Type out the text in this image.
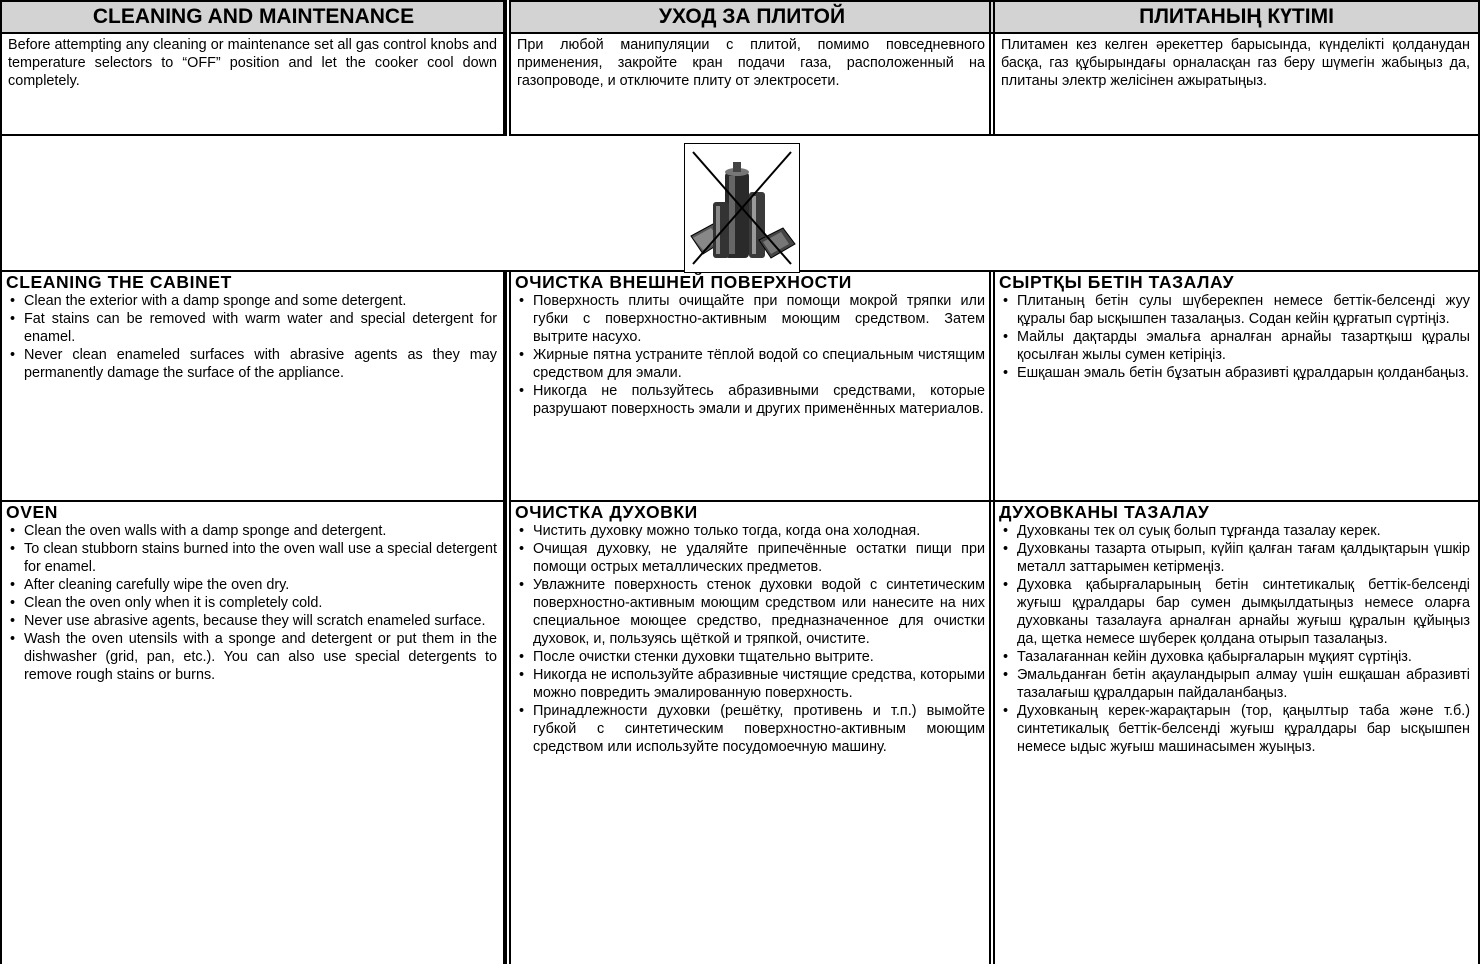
CLEANING AND MAINTENANCE	УХОД ЗА ПЛИТОЙ	ПЛИТАНЫҢ КҮТІМІ
Before attempting any cleaning or maintenance set all gas control knobs and temperature selectors to “OFF” position and let the cooker cool down completely.
При любой манипуляции с плитой, помимо повседневного применения, закройте кран подачи газа, расположенный на газопроводе, и отключите плиту от электросети.
Плитамен кез келген әрекеттер барысында, күнделікті қолданудан басқа, газ құбырындағы орналасқан газ беру шүмегін жабыңыз да, плитаны электр желісінен ажыратыңыз.

CLEANING THE CABINET

• Clean the exterior with a damp sponge and some detergent.
• Fat stains can be removed with warm water and special detergent for enamel.
• Never clean enameled surfaces with abrasive agents as they may permanently damage the surface of the appliance.

ОЧИСТКА ВНЕШНЕЙ ПОВЕРХНОСТИ

• Поверхность плиты очищайте при помощи мокрой тряпки или губки с поверхностно-активным моющим средством. Затем вытрите насухо.
• Жирные пятна устраните тёплой водой со специальным чистящим средством для эмали.
• Никогда не пользуйтесь абразивными средствами, которые разрушают поверхность эмали и других применённых материалов.

СЫРТҚЫ БЕТІН ТАЗАЛАУ

• Плитаның бетін сулы шүберекпен немесе беттік-белсенді жуу құралы бар ысқышпен тазалаңыз. Содан кейін құрғатып сүртіңіз.
• Майлы дақтарды эмальға арналған арнайы тазартқыш құралы қосылған жылы сумен кетіріңіз.
• Ешқашан эмаль бетін бұзатын абразивті құралдарын қолданбаңыз.

OVEN

• Clean the oven walls with a damp sponge and detergent.
• To clean stubborn stains burned into the oven wall use a special detergent for enamel.
• After cleaning carefully wipe the oven dry.
• Clean the oven only when it is completely cold.
• Never use abrasive agents, because they will scratch enameled surface.
• Wash the oven utensils with a sponge and detergent or put them in the dishwasher (grid, pan, etc.). You can also use special detergents to remove rough stains or burns.

ОЧИСТКА ДУХОВКИ

• Чистить духовку можно только тогда, когда она холодная.
• Очищая духовку, не удаляйте припечённые остатки пищи при помощи острых металлических предметов.
• Увлажните поверхность стенок духовки водой с синтетическим поверхностно-активным моющим средством или нанесите на них специальное моющее средство, предназначенное для очистки духовок, и, пользуясь щёткой и тряпкой, очистите.
• После очистки стенки духовки тщательно вытрите.
• Никогда не используйте абразивные чистящие средства, которыми можно повредить эмалированную поверхность.
• Принадлежности духовки (решётку, противень и т.п.) вымойте губкой с синтетическим поверхностно-активным моющим средством или используйте посудомоечную машину.

ДУХОВКАНЫ ТАЗАЛАУ

• Духовканы тек ол суық болып тұрғанда тазалау керек.
• Духовканы тазарта отырып, күйіп қалған тағам қалдықтарын үшкір металл заттарымен кетірмеңіз.
• Духовка қабырғаларының бетін синтетикалық беттік-белсенді жуғыш құралдары бар сумен дымқылдатыңыз немесе оларға духовканы тазалауға арналған арнайы жуғыш құралын құйыңыз да, щетка немесе шүберек қолдана отырып тазалаңыз.
• Тазалағаннан кейін духовка қабырғаларын мұқият сүртіңіз.
• Эмальданған бетін ақауландырып алмау үшін ешқашан абразивті тазалағыш құралдарын пайдаланбаңыз.
• Духовканың керек-жарақтарын (тор, қаңылтыр таба және т.б.) синтетикалық беттік-белсенді жуғыш құралдары бар ысқышпен немесе ыдыс жуғыш машинасымен жуыңыз.
